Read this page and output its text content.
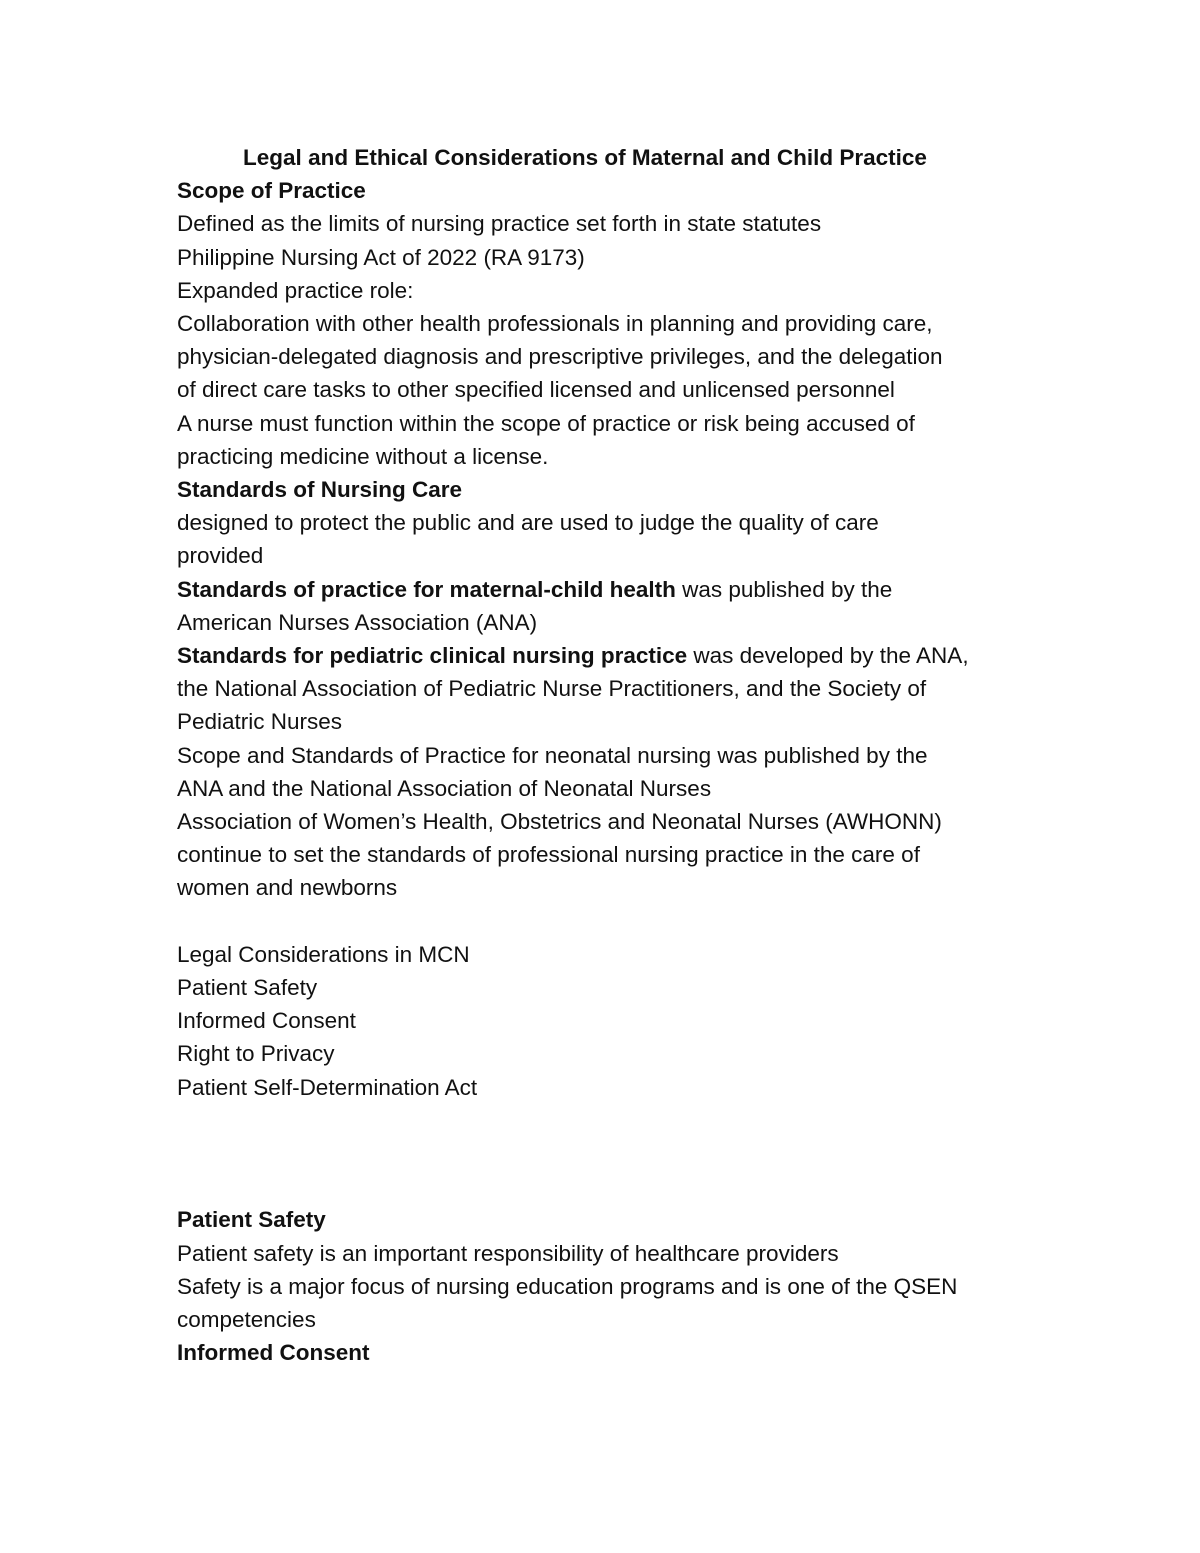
Legal and Ethical Considerations of Maternal and Child Practice
Scope of Practice
Defined as the limits of nursing practice set forth in state statutes
Philippine Nursing Act of 2022 (RA 9173)
Expanded practice role:
Collaboration with other health professionals in planning and providing care,
physician-delegated diagnosis and prescriptive privileges, and the delegation
of direct care tasks to other specified licensed and unlicensed personnel
A nurse must function within the scope of practice or risk being accused of
practicing medicine without a license.
Standards of Nursing Care
designed to protect the public and are used to judge the quality of care
provided
Standards of practice for maternal-child health was published by the
American Nurses Association (ANA)
Standards for pediatric clinical nursing practice was developed by the ANA,
the National Association of Pediatric Nurse Practitioners, and the Society of
Pediatric Nurses
Scope and Standards of Practice for neonatal nursing was published by the
ANA and the National Association of Neonatal Nurses
Association of Women’s Health, Obstetrics and Neonatal Nurses (AWHONN)
continue to set the standards of professional nursing practice in the care of
women and newborns
Legal Considerations in MCN
Patient Safety
Informed Consent
Right to Privacy
Patient Self-Determination Act
Patient Safety
Patient safety is an important responsibility of healthcare providers
Safety is a major focus of nursing education programs and is one of the QSEN
competencies
Informed Consent
